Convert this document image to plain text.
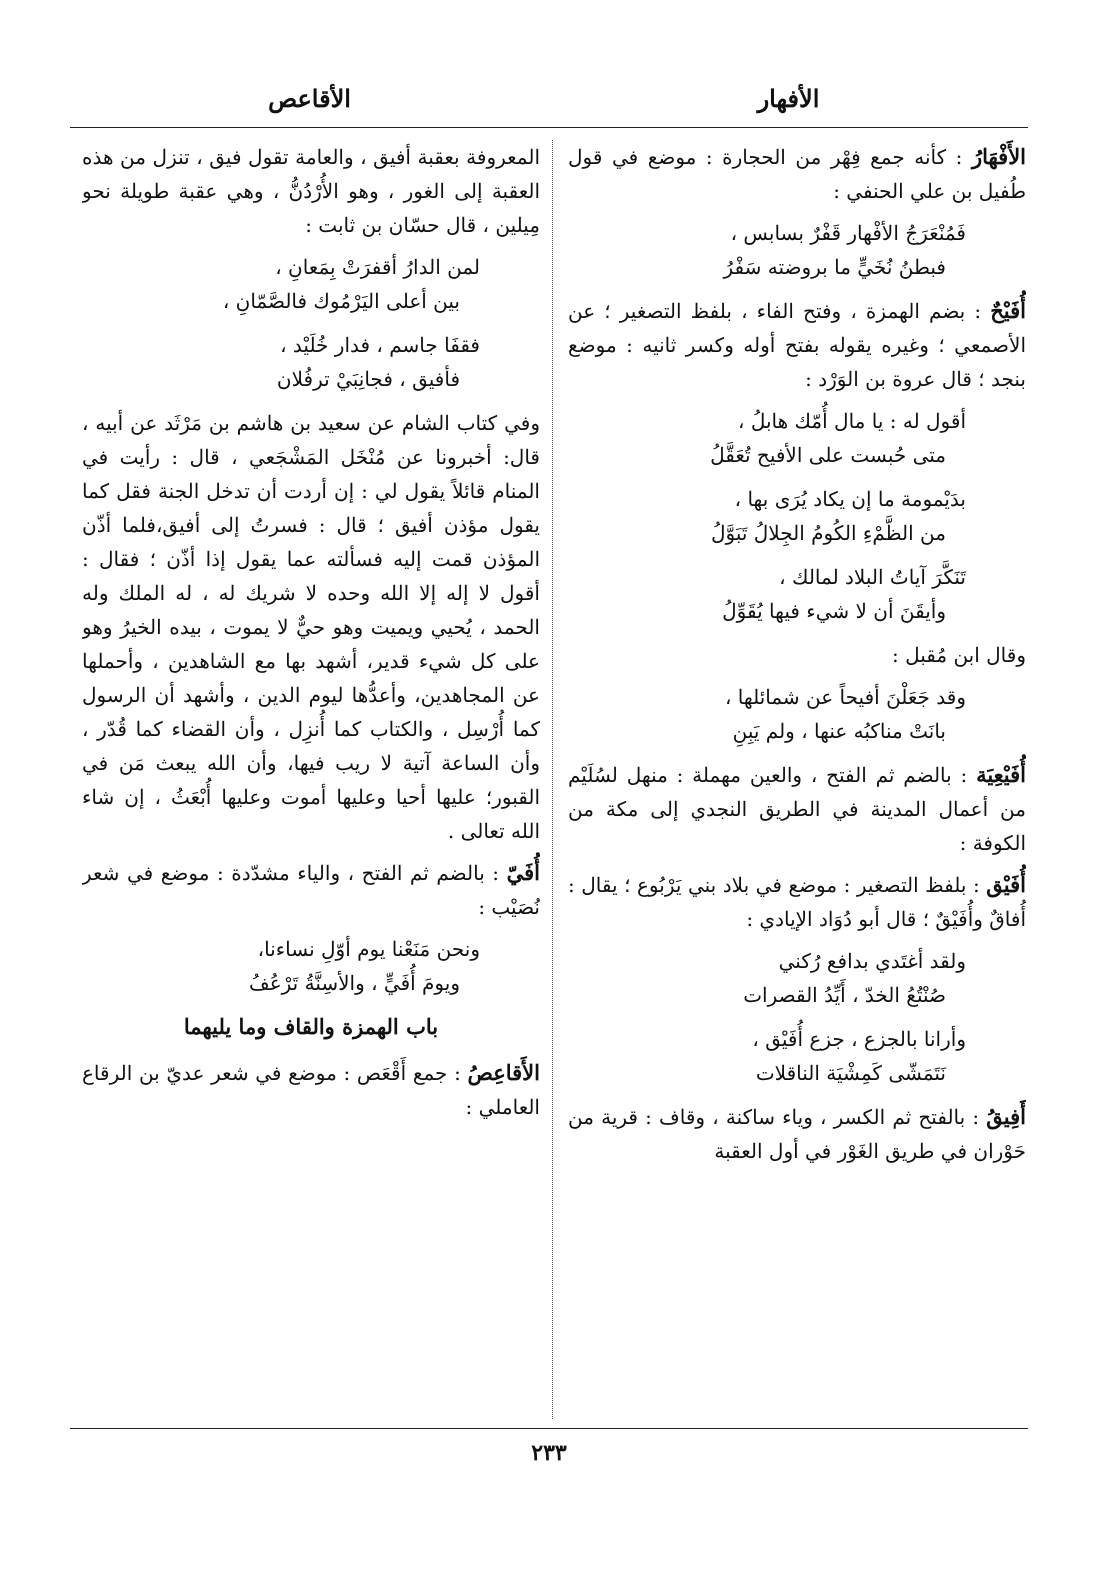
الأفهار
الأقاعص
الأَفْهَارُ : كأنه جمع فِهْر من الحجارة : موضع في قول طُفيل بن علي الحنفي :
فَمُنْعَرَجُ الأفْهار قَفْرٌ بسابس ،
فبطنُ نُخَيٍّ ما بروضته سَفْرُ
أُفَيْحٌ : بضم الهمزة ، وفتح الفاء ، بلفظ التصغير ؛ عن الأصمعي ؛ وغيره يقوله بفتح أوله وكسر ثانيه : موضع بنجد ؛ قال عروة بن الوَرْد :
أقول له : يا مال أُمّك هابلُ ،
متى حُبست على الأفيح تُعَقَّلُ
بدَيْمومة ما إن يكاد يُرَى بها ،
من الظَّمْءِ الكُومُ الجِلالُ تَبَوَّلُ
تَنَكَّرَ آياتُ البلاد لمالك ،
وأيقَنَ أن لا شيء فيها يُقَوِّلُ
وقال ابن مُقبل :
وقد جَعَلْنَ أفيحاً عن شمائلها ،
بانَتْ مناكبُه عنها ، ولم يَبِنِ
أُفَيْعِيَة : بالضم ثم الفتح ، والعين مهملة : منهل لسُلَيْم من أعمال المدينة في الطريق النجدي إلى مكة من الكوفة :
أُفَيْق : بلفظ التصغير : موضع في بلاد بني يَرْبُوع ؛ يقال : أُفاقٌ وأُفَيْقٌ ؛ قال أبو دُوَاد الإيادي :
ولقد أغتَدي بدافع رُكني
صُنْتُعُ الخدّ ، أَيِّدُ القصرات
وأرانا بالجزع ، جزع أُفَيْق ،
نَتَمَشّى كَمِشْيَة الناقلات
أَفِيقُ : بالفتح ثم الكسر ، وياء ساكنة ، وقاف : قرية من حَوْران في طريق الغَوْر في أول العقبة
المعروفة بعقبة أفيق ، والعامة تقول فيق ، تنزل من هذه العقبة إلى الغور ، وهو الأُرْدُنُّ ، وهي عقبة طويلة نحو مِيلين ، قال حسّان بن ثابت :
لمن الدارُ أقفرَتْ بِمَعانِ ،
بين أعلى اليَرْمُوك فالصَّمّانِ ،
فقفَا جاسم ، فدار خُلَيْد ،
فأفيق ، فجانِبَيْ ترفُلان
وفي كتاب الشام عن سعيد بن هاشم بن مَرْثَد عن أبيه ، قال: أخبرونا عن مُنْخَل المَشْجَعي ، قال : رأيت في المنام قائلاً يقول لي : إن أردت أن تدخل الجنة فقل كما يقول مؤذن أفيق ؛ قال : فسرتُ إلى أفيق،فلما أذّن المؤذن قمت إليه فسألته عما يقول إذا أذّن ؛ فقال : أقول لا إله إلا الله وحده لا شريك له ، له الملك وله الحمد ، يُحيي ويميت وهو حيٌّ لا يموت ، بيده الخيرُ وهو على كل شيء قدير، أشهد بها مع الشاهدين ، وأحملها عن المجاهدين، وأعدُّها ليوم الدين ، وأشهد أن الرسول كما أُرْسِل ، والكتاب كما أُنزِل ، وأن القضاء كما قُدّر ، وأن الساعة آتية لا ريب فيها، وأن الله يبعث مَن في القبور؛ عليها أحيا وعليها أموت وعليها أُبْعَثُ ، إن شاء الله تعالى .
أُفَيّ : بالضم ثم الفتح ، والياء مشدّدة : موضع في شعر نُصَيْب :
ونحن مَنَعْنا يوم أوّلِ نساءنا،
ويومَ أُفَيٍّ ، والأسِنَّةُ تَرْعُفُ
باب الهمزة والقاف وما يليهما
الأَقاعِصُ : جمع أَقْعَص : موضع في شعر عديّ بن الرقاع العاملي :
٢٣٣
